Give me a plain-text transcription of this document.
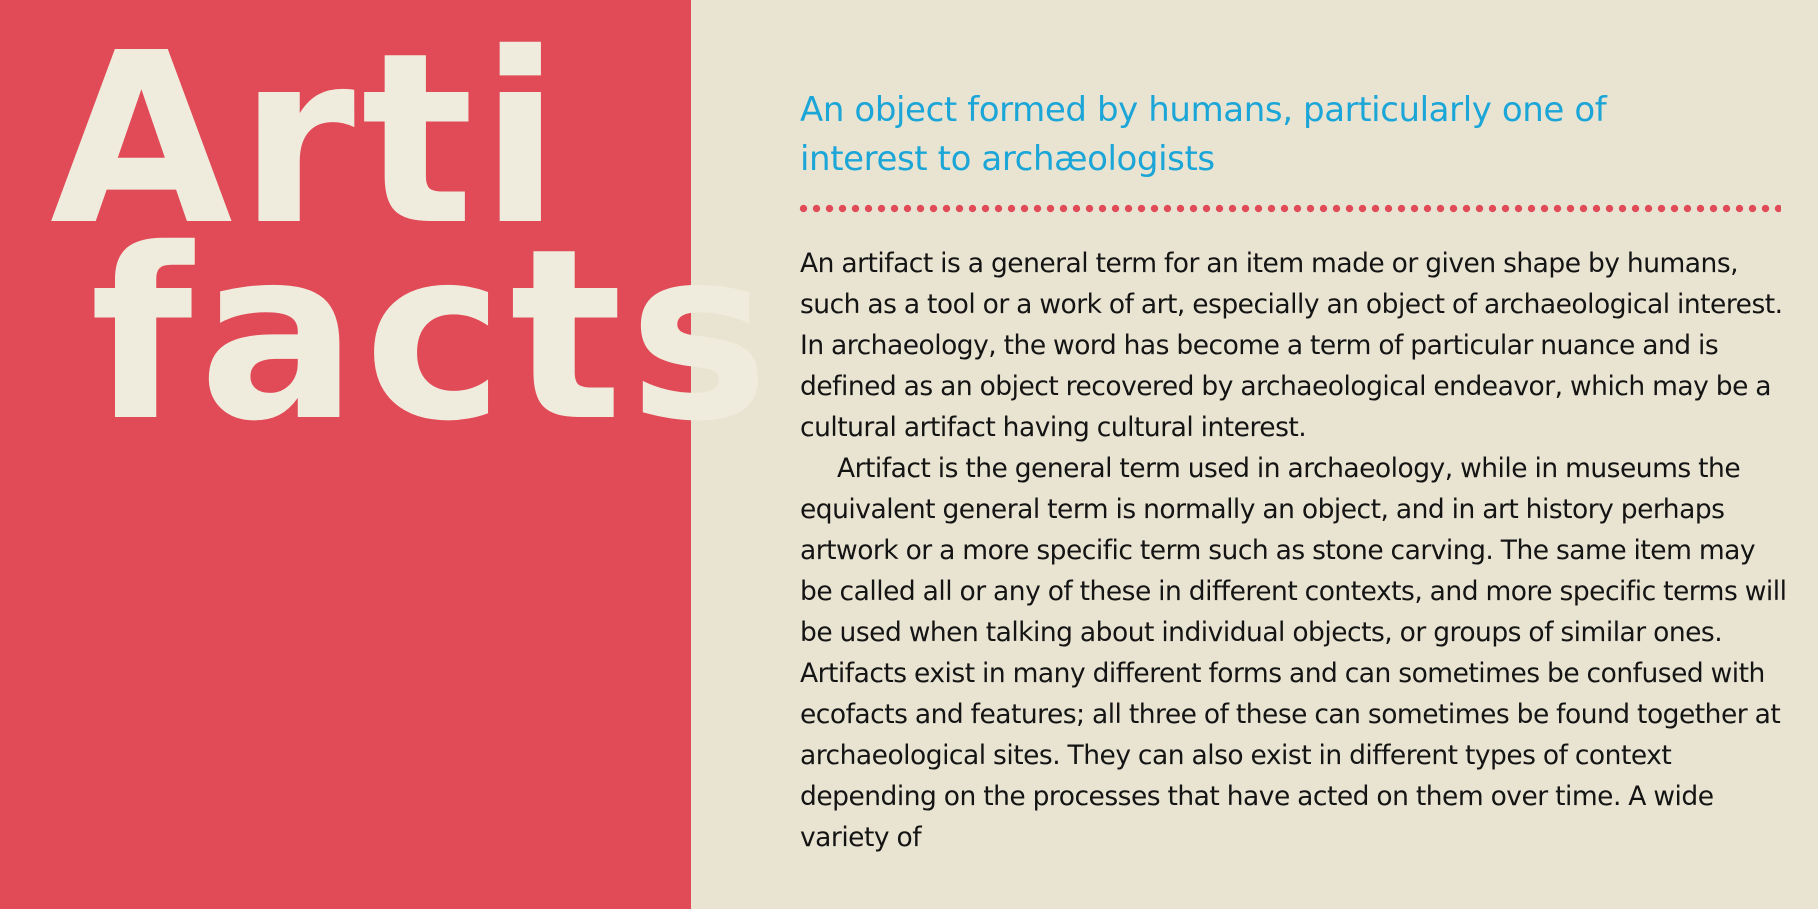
Arti
facts
An object formed by humans, particularly one of interest to archæologists

An artifact is a general term for an item made or given shape by humans, such as a tool or a work of art, especially an object of archaeological interest. In archaeology, the word has become a term of particular nuance and is defined as an object recovered by archaeological endeavor, which may be a cultural artifact having cultural interest.

Artifact is the general term used in archaeology, while in museums the equivalent general term is normally an object, and in art history perhaps artwork or a more specific term such as stone carving. The same item may be called all or any of these in different contexts, and more specific terms will be used when talking about individual objects, or groups of similar ones. Artifacts exist in many different forms and can sometimes be confused with ecofacts and features; all three of these can sometimes be found together at archaeological sites. They can also exist in different types of context depending on the processes that have acted on them over time. A wide variety of
